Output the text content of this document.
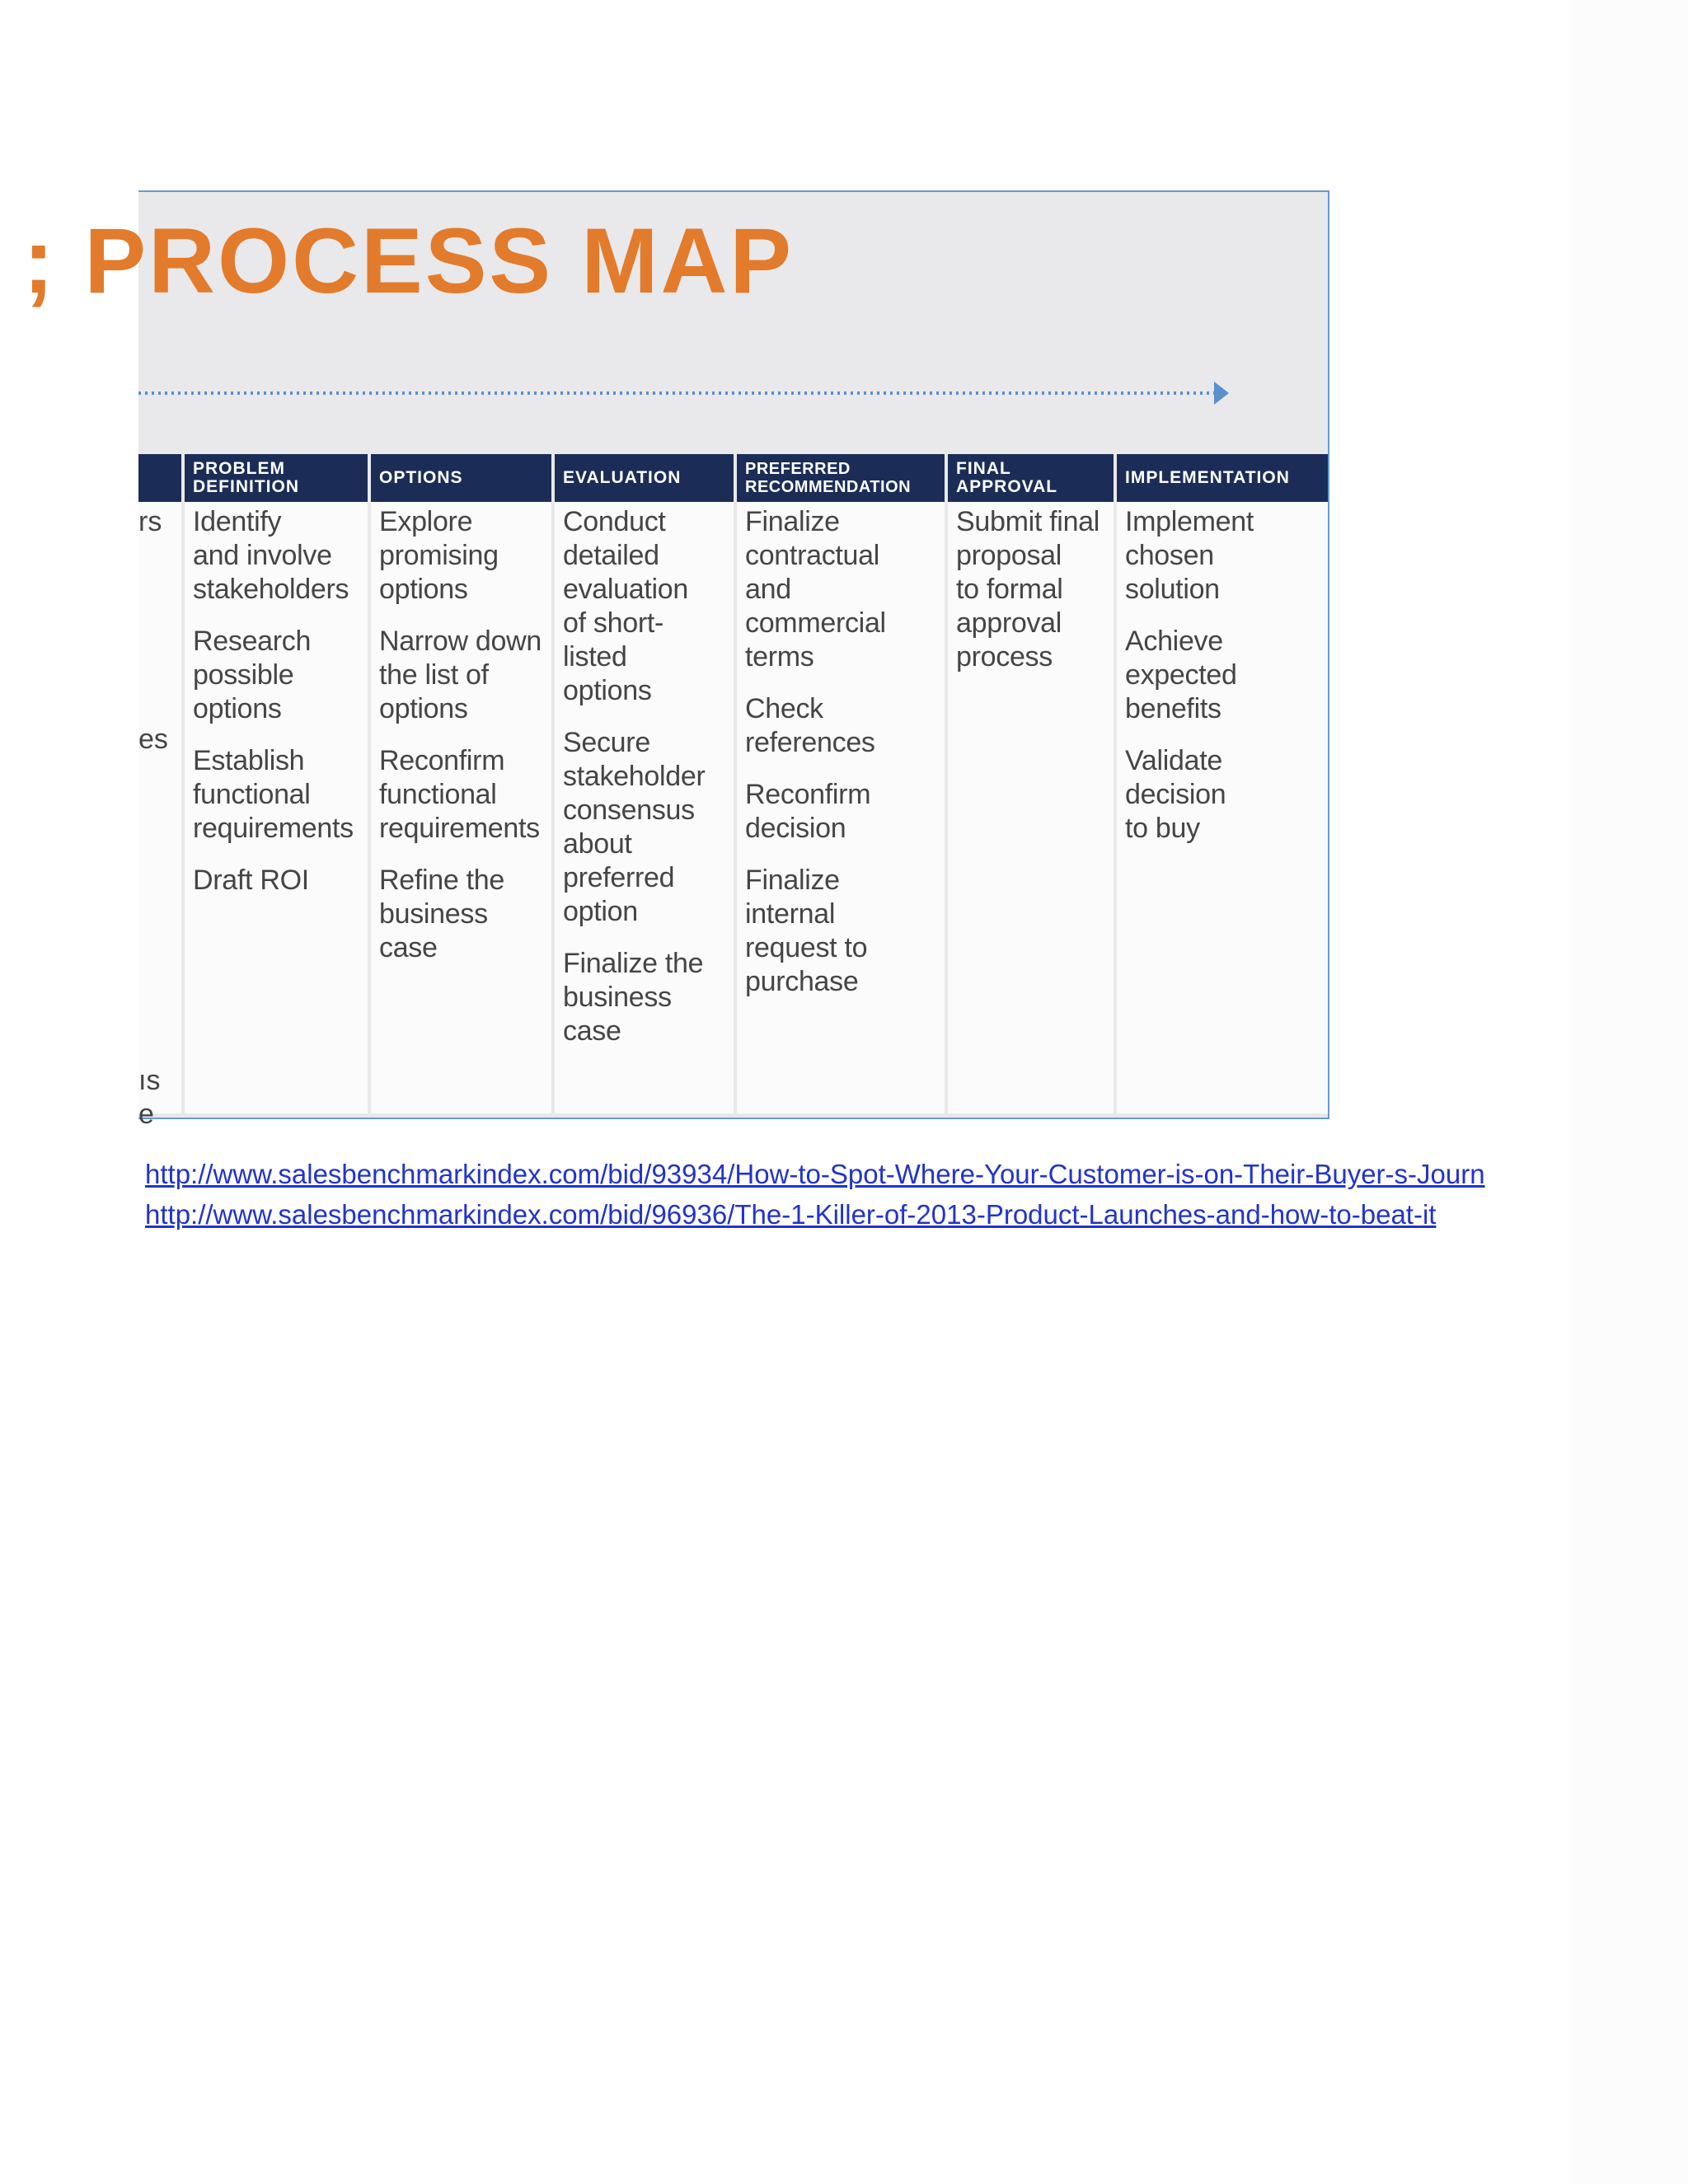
; PROCESS MAP
rs
es
ıs
e
PROBLEM DEFINITION
Identify
and involve
stakeholders
Research
possible
options
Establish
functional
requirements
Draft ROI
OPTIONS
Explore
promising
options
Narrow down
the list of
options
Reconfirm
functional
requirements
Refine the
business
case
EVALUATION
Conduct
detailed
evaluation
of short-
listed
options
Secure
stakeholder
consensus
about
preferred
option
Finalize the
business
case
PREFERRED RECOMMENDATION
Finalize
contractual
and
commercial
terms
Check
references
Reconfirm
decision
Finalize
internal
request to
purchase
FINAL APPROVAL
Submit final
proposal
to formal
approval
process
IMPLEMENTATION
Implement
chosen
solution
Achieve
expected
benefits
Validate
decision
to buy
http://www.salesbenchmarkindex.com/bid/93934/How-to-Spot-Where-Your-Customer-is-on-Their-Buyer-s-Journ
http://www.salesbenchmarkindex.com/bid/96936/The-1-Killer-of-2013-Product-Launches-and-how-to-beat-it
